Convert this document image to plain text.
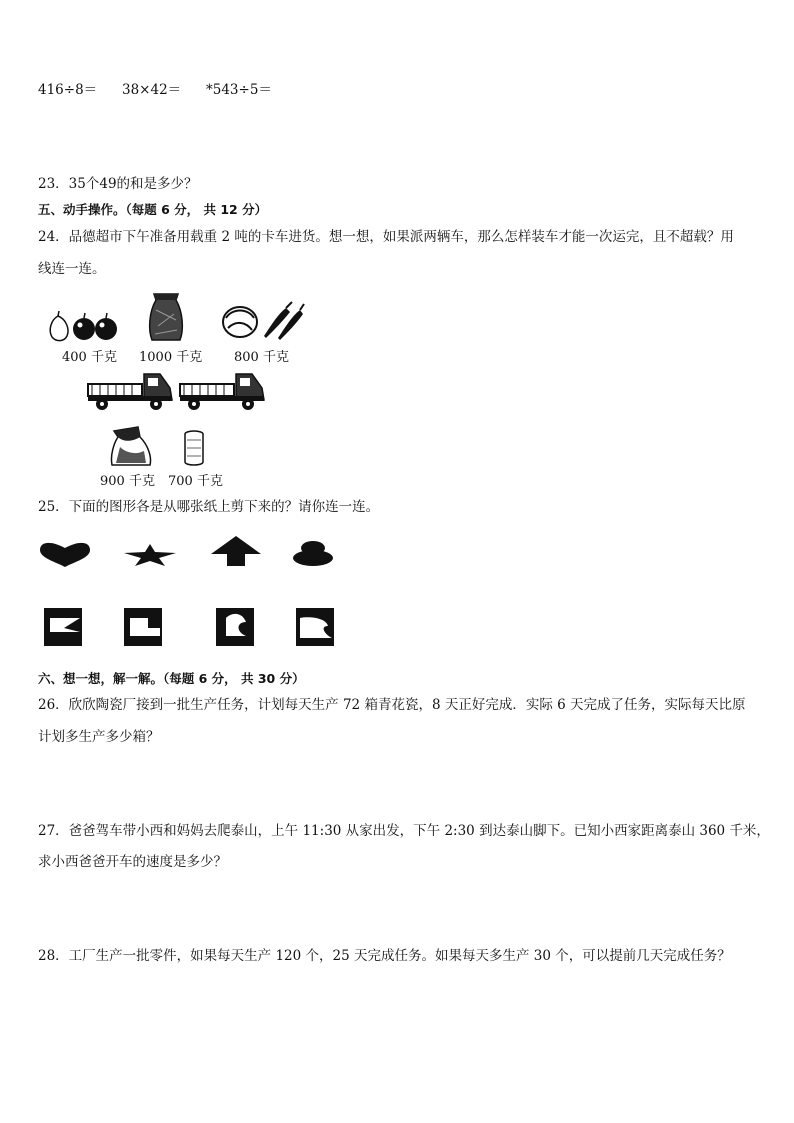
416÷8＝ 38×42＝ *543÷5＝
23．35个49的和是多少？
五、动手操作。（每题 6 分， 共 12 分）
24．品德超市下午准备用载重 2 吨的卡车进货。想一想，如果派两辆车，那么怎样装车才能一次运完，且不超载？用
线连一连。
400 千克 1000 千克 800 千克
900 千克 700 千克
25．下面的图形各是从哪张纸上剪下来的？请你连一连。
六、想一想，解一解。（每题 6 分， 共 30 分）
26．欣欣陶瓷厂接到一批生产任务，计划每天生产 72 箱青花瓷，8 天正好完成．实际 6 天完成了任务，实际每天比原
计划多生产多少箱？
27．爸爸驾车带小西和妈妈去爬泰山，上午 11:30 从家出发，下午 2:30 到达泰山脚下。已知小西家距离泰山 360 千米，
求小西爸爸开车的速度是多少？
28．工厂生产一批零件，如果每天生产 120 个，25 天完成任务。如果每天多生产 30 个，可以提前几天完成任务？
